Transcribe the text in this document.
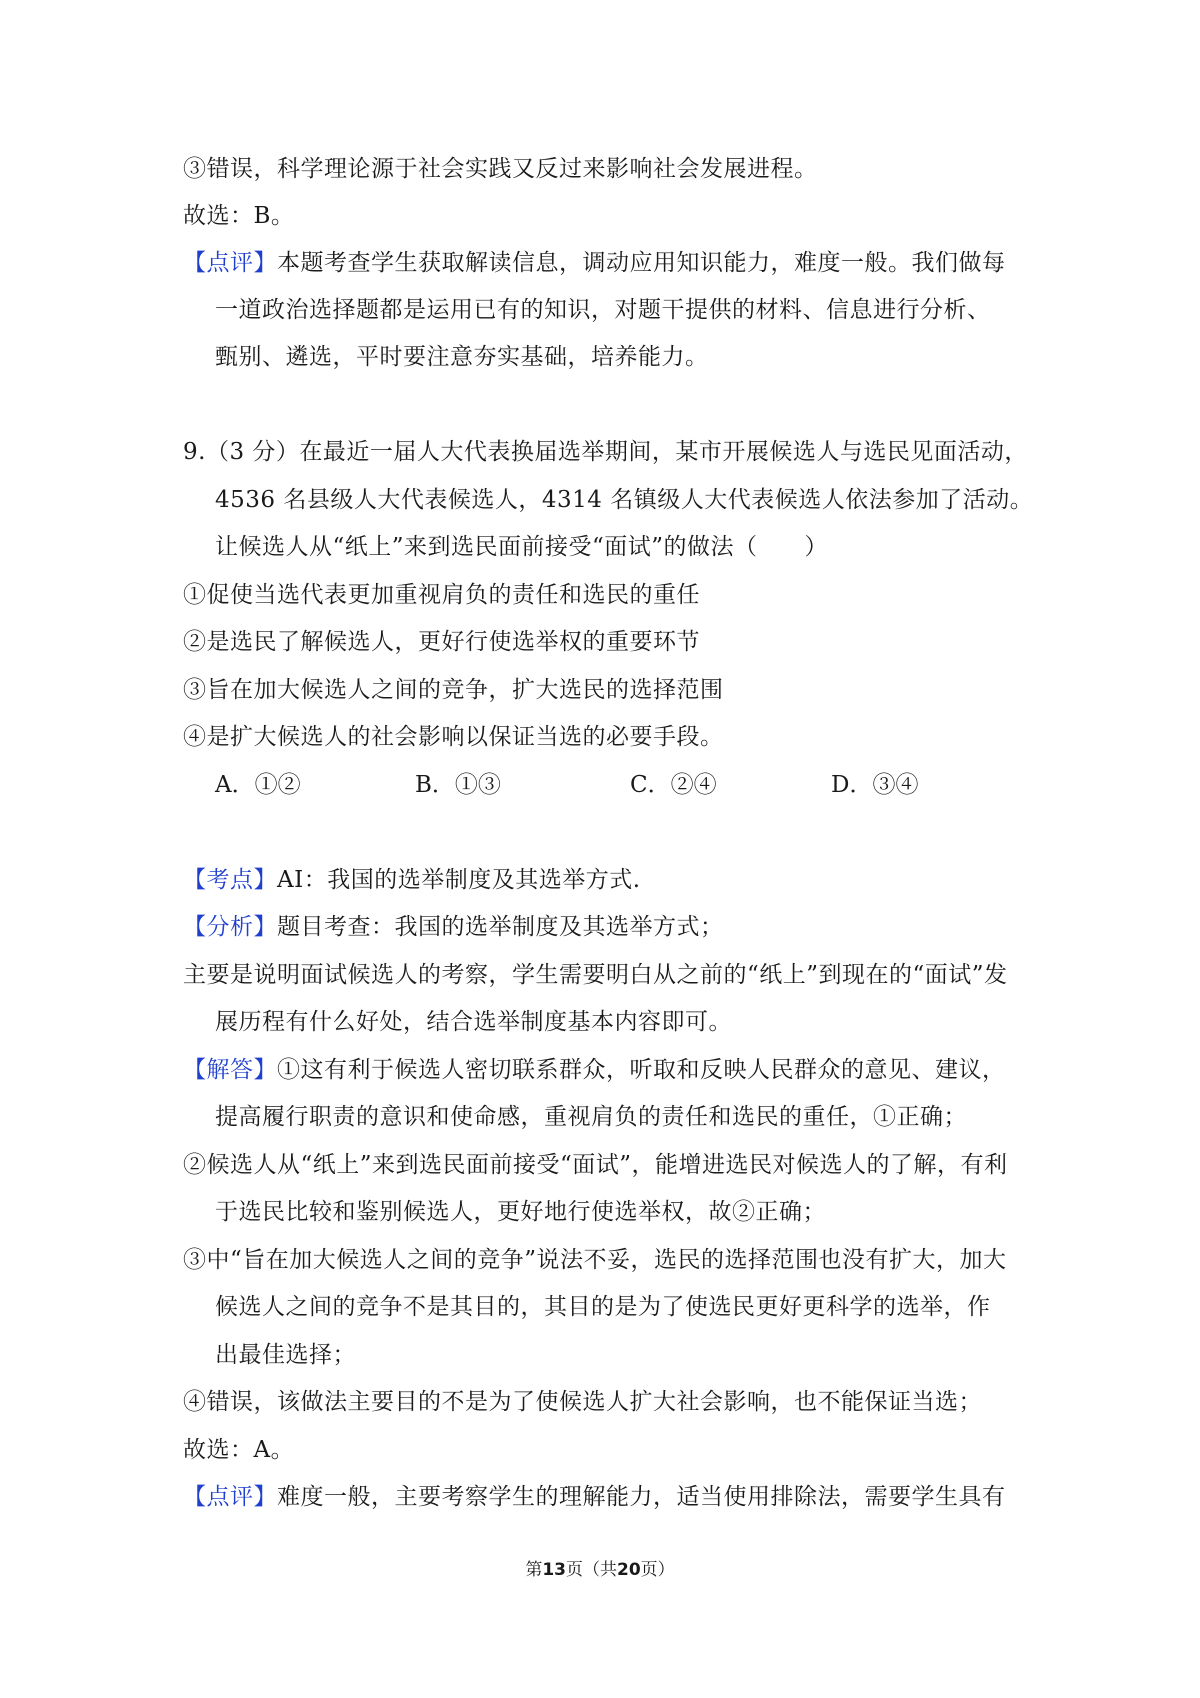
③错误，科学理论源于社会实践又反过来影响社会发展进程。
故选：B。
【点评】本题考查学生获取解读信息，调动应用知识能力，难度一般。我们做每
一道政治选择题都是运用已有的知识，对题干提供的材料、信息进行分析、
甄别、遴选，平时要注意夯实基础，培养能力。
9.（3 分）在最近一届人大代表换届选举期间，某市开展候选人与选民见面活动，
4536 名县级人大代表候选人，4314 名镇级人大代表候选人依法参加了活动。
让候选人从“纸上”来到选民面前接受“面试”的做法（　　）
①促使当选代表更加重视肩负的责任和选民的重任
②是选民了解候选人，更好行使选举权的重要环节
③旨在加大候选人之间的竞争，扩大选民的选择范围
④是扩大候选人的社会影响以保证当选的必要手段。
A．①②	B．①③	C．②④	D．③④
【考点】AI：我国的选举制度及其选举方式.
【分析】题目考查：我国的选举制度及其选举方式；
主要是说明面试候选人的考察，学生需要明白从之前的“纸上”到现在的“面试”发
展历程有什么好处，结合选举制度基本内容即可。
【解答】①这有利于候选人密切联系群众，听取和反映人民群众的意见、建议，
提高履行职责的意识和使命感，重视肩负的责任和选民的重任，①正确；
②候选人从“纸上”来到选民面前接受“面试”，能增进选民对候选人的了解，有利
于选民比较和鉴别候选人，更好地行使选举权，故②正确；
③中“旨在加大候选人之间的竞争”说法不妥，选民的选择范围也没有扩大，加大
候选人之间的竞争不是其目的，其目的是为了使选民更好更科学的选举，作
出最佳选择；
④错误，该做法主要目的不是为了使候选人扩大社会影响，也不能保证当选；
故选：A。
【点评】难度一般，主要考察学生的理解能力，适当使用排除法，需要学生具有
第13页（共20页）
